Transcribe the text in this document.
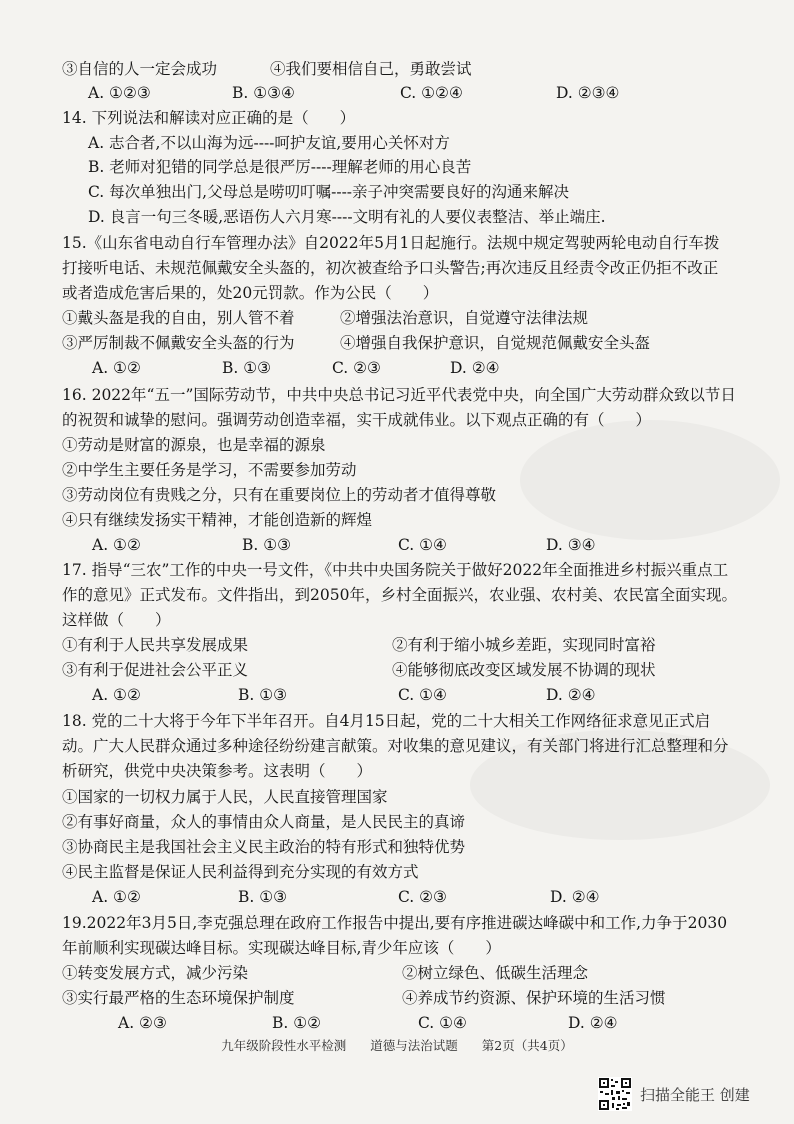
③自信的人一定会成功	④我们要相信自己，勇敢尝试
A. ①②③	B. ①③④	C. ①②④	D. ②③④
14. 下列说法和解读对应正确的是（　　）
A. 志合者,不以山海为远----呵护友谊,要用心关怀对方
B. 老师对犯错的同学总是很严厉----理解老师的用心良苦
C. 每次单独出门,父母总是唠叨叮嘱----亲子冲突需要良好的沟通来解决
D. 良言一句三冬暖,恶语伤人六月寒----文明有礼的人要仪表整洁、举止端庄.
15.《山东省电动自行车管理办法》自2022年5月1日起施行。法规中规定驾驶两轮电动自行车拨
打接听电话、未规范佩戴安全头盔的，初次被查给予口头警告;再次违反且经责令改正仍拒不改正
或者造成危害后果的，处20元罚款。作为公民（　　）
①戴头盔是我的自由，别人管不着	②增强法治意识，自觉遵守法律法规
③严厉制裁不佩戴安全头盔的行为	④增强自我保护意识，自觉规范佩戴安全头盔
A. ①②	B. ①③	C. ②③	D. ②④
16. 2022年“五一”国际劳动节，中共中央总书记习近平代表党中央，向全国广大劳动群众致以节日
的祝贺和诚挚的慰问。强调劳动创造幸福，实干成就伟业。以下观点正确的有（　　）
①劳动是财富的源泉，也是幸福的源泉
②中学生主要任务是学习，不需要参加劳动
③劳动岗位有贵贱之分，只有在重要岗位上的劳动者才值得尊敬
④只有继续发扬实干精神，才能创造新的辉煌
A. ①②	B. ①③	C. ①④	D. ③④
17. 指导“三农”工作的中央一号文件，《中共中央国务院关于做好2022年全面推进乡村振兴重点工
作的意见》正式发布。文件指出，到2050年，乡村全面振兴，农业强、农村美、农民富全面实现。
这样做（　　）
①有利于人民共享发展成果	②有利于缩小城乡差距，实现同时富裕
③有利于促进社会公平正义	④能够彻底改变区域发展不协调的现状
A. ①②	B. ①③	C. ①④	D. ②④
18. 党的二十大将于今年下半年召开。自4月15日起，党的二十大相关工作网络征求意见正式启
动。广大人民群众通过多种途径纷纷建言献策。对收集的意见建议，有关部门将进行汇总整理和分
析研究，供党中央决策参考。这表明（　　）
①国家的一切权力属于人民，人民直接管理国家
②有事好商量，众人的事情由众人商量，是人民民主的真谛
③协商民主是我国社会主义民主政治的特有形式和独特优势
④民主监督是保证人民利益得到充分实现的有效方式
A. ①②	B. ①③	C. ②③	D. ②④
19.2022年3月5日,李克强总理在政府工作报告中提出,要有序推进碳达峰碳中和工作,力争于2030
年前顺利实现碳达峰目标。实现碳达峰目标,青少年应该（　　）
①转变发展方式，减少污染	②树立绿色、低碳生活理念
③实行最严格的生态环境保护制度	④养成节约资源、保护环境的生活习惯
A. ②③	B. ①②	C. ①④	D. ②④
九年级阶段性水平检测 道德与法治试题 第2页（共4页）
扫描全能王 创建
